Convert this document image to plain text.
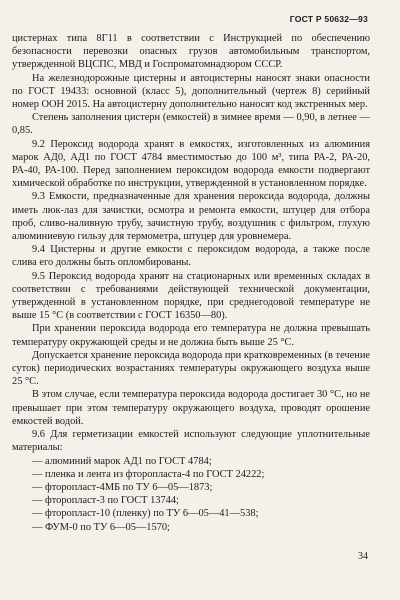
ГОСТ Р 50632—93

цистернах типа 8Г11 в соответствии с Инструкцией по обеспечению безопасности перевозки опасных грузов автомобильным транспортом, утвержденной ВЦСПС, МВД и Госпроматомнадзором СССР.

На железнодорожные цистерны и автоцистерны наносят знаки опасности по ГОСТ 19433: основной (класс 5), дополнительный (чертеж 8) серийный номер ООН 2015. На автоцистерну дополнительно наносят код экстренных мер.

Степень заполнения цистерн (емкостей) в зимнее время — 0,90, в летнее — 0,85.

9.2 Пероксид водорода хранят в емкостях, изготовленных из алюминия марок АД0, АД1 по ГОСТ 4784 вместимостью до 100 м³, типа РА-2, РА-20, РА-40, РА-100. Перед заполнением пероксидом водорода емкости подвергают химической обработке по инструкции, утвержденной в установленном порядке.

9.3 Емкости, предназначенные для хранения пероксида водорода, должны иметь люк-лаз для зачистки, осмотра и ремонта емкости, штуцер для отбора проб, сливо-наливную трубу, зачистную трубу, воздушник с фильтром, глухую алюминиевую гильзу для термометра, штуцер для уровнемера.

9.4 Цистерны и другие емкости с пероксидом водорода, а также после слива его должны быть опломбированы.

9.5 Пероксид водорода хранят на стационарных или временных складах в соответствии с требованиями действующей технической документации, утвержденной в установленном порядке, при среднегодовой температуре не выше 15 °С (в соответствии с ГОСТ 16350—80).

При хранении пероксида водорода его температура не должна превышать температуру окружающей среды и не должна быть выше 25 °С.

Допускается хранение пероксида водорода при кратковременных (в течение суток) периодических возрастаниях температуры окружающего воздуха выше 25 °С.

В этом случае, если температура пероксида водорода достигает 30 °С, но не превышает при этом температуру окружающего воздуха, проводят орошение емкостей водой.

9.6 Для герметизации емкостей используют следующие уплотнительные материалы:

— алюминий марок АД1 по ГОСТ 4784;
— пленка и лента из фторопласта-4 по ГОСТ 24222;
— фторопласт-4МБ по ТУ 6—05—1873;
— фторопласт-3 по ГОСТ 13744;
— фторопласт-10 (пленку) по ТУ 6—05—41—538;
— ФУМ-0 по ТУ 6—05—1570;
34
